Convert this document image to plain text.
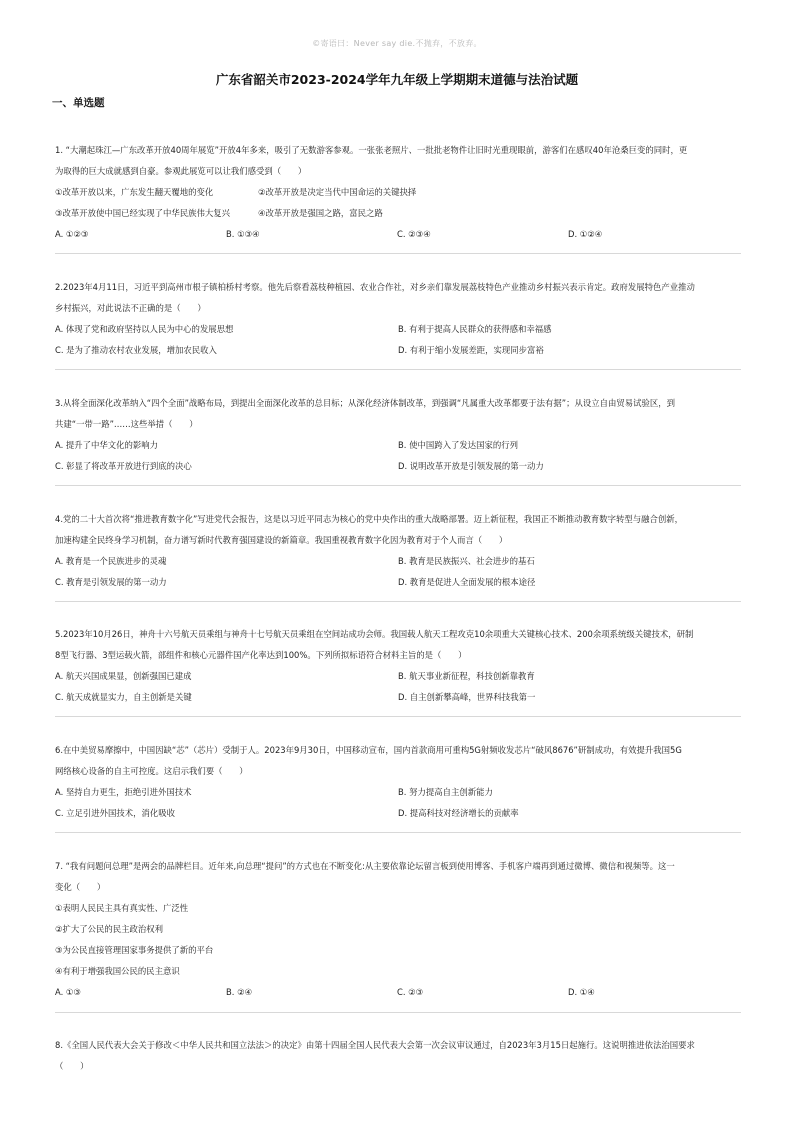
©寄语曰：Never say die.不抛弃，不放弃。
广东省韶关市2023-2024学年九年级上学期期末道德与法治试题
一、单选题
1. “大潮起珠江—广东改革开放40周年展览”开放4年多来，吸引了无数游客参观。一张张老照片、一批批老物件让旧时光重现眼前，游客们在感叹40年沧桑巨变的同时，更
为取得的巨大成就感到自豪。参观此展览可以让我们感受到（　　）
①改革开放以来，广东发生翻天覆地的变化	②改革开放是决定当代中国命运的关键抉择
③改革开放使中国已经实现了中华民族伟大复兴	④改革开放是强国之路，富民之路
A. ①②③	B. ①③④	C. ②③④	D. ①②④
2.2023年4月11日，习近平到高州市根子镇柏桥村考察。他先后察看荔枝种植园、农业合作社，对乡亲们靠发展荔枝特色产业推动乡村振兴表示肯定。政府发展特色产业推动
乡村振兴，对此说法不正确的是（　　）
A. 体现了党和政府坚持以人民为中心的发展思想	B. 有利于提高人民群众的获得感和幸福感
C. 是为了推动农村农业发展，增加农民收入	D. 有利于缩小发展差距，实现同步富裕
3.从将全面深化改革纳入“四个全面”战略布局，到提出全面深化改革的总目标；从深化经济体制改革，到强调“凡属重大改革都要于法有据”；从设立自由贸易试验区，到
共建“一带一路”……这些举措（　　）
A. 提升了中华文化的影响力	B. 使中国跨入了发达国家的行列
C. 彰显了将改革开放进行到底的决心	D. 说明改革开放是引领发展的第一动力
4.党的二十大首次将“推进教育数字化”写进党代会报告，这是以习近平同志为核心的党中央作出的重大战略部署。迈上新征程，我国正不断推动教育数字转型与融合创新，
加速构建全民终身学习机制，奋力谱写新时代教育强国建设的新篇章。我国重视教育数字化因为教育对于个人而言（　　）
A. 教育是一个民族进步的灵魂	B. 教育是民族振兴、社会进步的基石
C. 教育是引领发展的第一动力	D. 教育是促进人全面发展的根本途径
5.2023年10月26日，神舟十六号航天员乘组与神舟十七号航天员乘组在空间站成功会师。我国载人航天工程攻克10余项重大关键核心技术、200余项系统级关键技术，研制
8型飞行器、3型运载火箭，部组件和核心元器件国产化率达到100%。下列所拟标语符合材料主旨的是（　　）
A. 航天兴国成果显，创新强国已建成	B. 航天事业新征程，科技创新靠教育
C. 航天成就显实力，自主创新是关键	D. 自主创新攀高峰，世界科技我第一
6.在中美贸易摩擦中，中国因缺“芯”（芯片）受制于人。2023年9月30日，中国移动宣布，国内首款商用可重构5G射频收发芯片“破风8676”研制成功，有效提升我国5G
网络核心设备的自主可控度。这启示我们要（　　）
A. 坚持自力更生，拒绝引进外国技术	B. 努力提高自主创新能力
C. 立足引进外国技术，消化吸收	D. 提高科技对经济增长的贡献率
7. “我有问题问总理”是两会的品牌栏目。近年来,向总理“提问”的方式也在不断变化:从主要依靠论坛留言板到使用博客、手机客户端再到通过微博、微信和视频等。这一
变化（　　）
①表明人民民主具有真实性、广泛性
②扩大了公民的民主政治权利
③为公民直接管理国家事务提供了新的平台
④有利于增强我国公民的民主意识
A. ①③	B. ②④	C. ②③	D. ①④
8.《全国人民代表大会关于修改＜中华人民共和国立法法＞的决定》由第十四届全国人民代表大会第一次会议审议通过，自2023年3月15日起施行。这说明推进依法治国要求
（　　）
